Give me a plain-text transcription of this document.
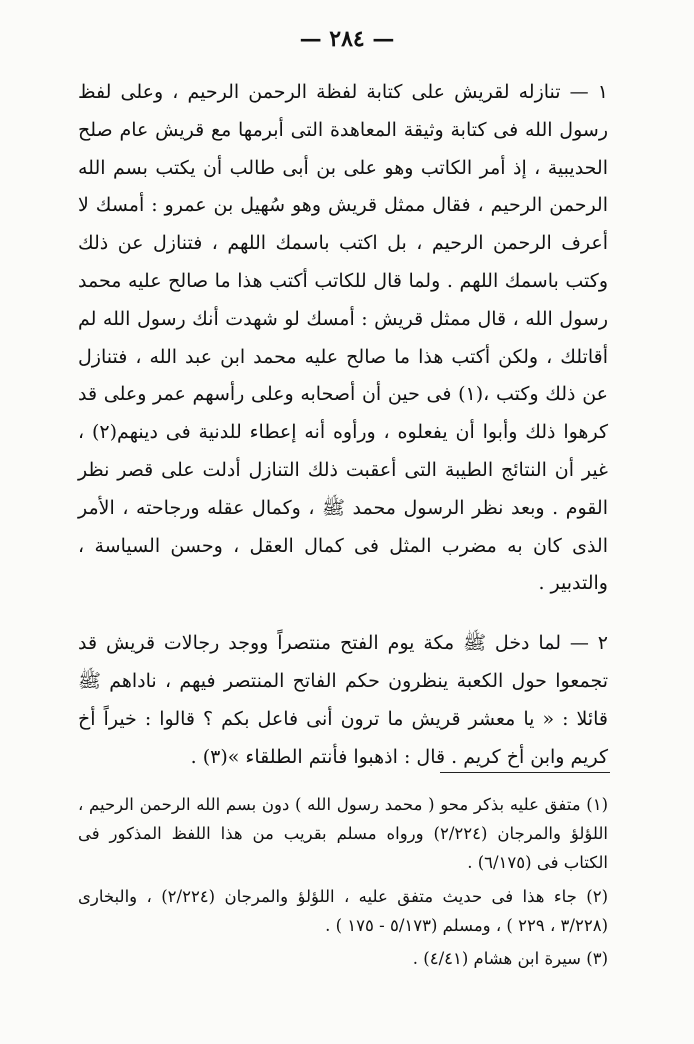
— ٢٨٤ —

١ — تنازله لقريش على كتابة لفظة الرحمن الرحيم ، وعلى لفظ رسول الله فى كتابة وثيقة المعاهدة التى أبرمها مع قريش عام صلح الحديبية ، إذ أمر الكاتب وهو على بن أبى طالب أن يكتب بسم الله الرحمن الرحيم ، فقال ممثل قريش وهو سُهيل بن عمرو : أمسك لا أعرف الرحمن الرحيم ، بل اكتب باسمك اللهم ، فتنازل عن ذلك وكتب باسمك اللهم . ولما قال للكاتب أكتب هذا ما صالح عليه محمد رسول الله ، قال ممثل قريش : أمسك لو شهدت أنك رسول الله لم أقاتلك ، ولكن أكتب هذا ما صالح عليه محمد ابن عبد الله ، فتنازل عن ذلك وكتب ،(١) فى حين أن أصحابه وعلى رأسهم عمر وعلى قد كرهوا ذلك وأبوا أن يفعلوه ، ورأوه أنه إعطاء للدنية فى دينهم(٢) ، غير أن النتائج الطيبة التى أعقبت ذلك التنازل أدلت على قصر نظر القوم . وبعد نظر الرسول محمد ﷺ ، وكمال عقله ورجاحته ، الأمر الذى كان به مضرب المثل فى كمال العقل ، وحسن السياسة ، والتدبير .

٢ — لما دخل ﷺ مكة يوم الفتح منتصراً ووجد رجالات قريش قد تجمعوا حول الكعبة ينظرون حكم الفاتح المنتصر فيهم ، ناداهم ﷺ قائلا : « يا معشر قريش ما ترون أنى فاعل بكم ؟ قالوا : خيراً أخ كريم وابن أخ كريم . قال : اذهبوا فأنتم الطلقاء »(٣) .

(١) متفق عليه بذكر محو ( محمد رسول الله ) دون بسم الله الرحمن الرحيم ، اللؤلؤ والمرجان (٢/٢٢٤) ورواه مسلم بقريب من هذا اللفظ المذكور فى الكتاب فى (٦/١٧٥) .

(٢) جاء هذا فى حديث متفق عليه ، اللؤلؤ والمرجان (٢/٢٢٤) ، والبخارى (٣/٢٢٨ ، ٢٢٩ ) ، ومسلم (٥/١٧٣ - ١٧٥ ) .

(٣) سيرة ابن هشام (٤/٤١) .
